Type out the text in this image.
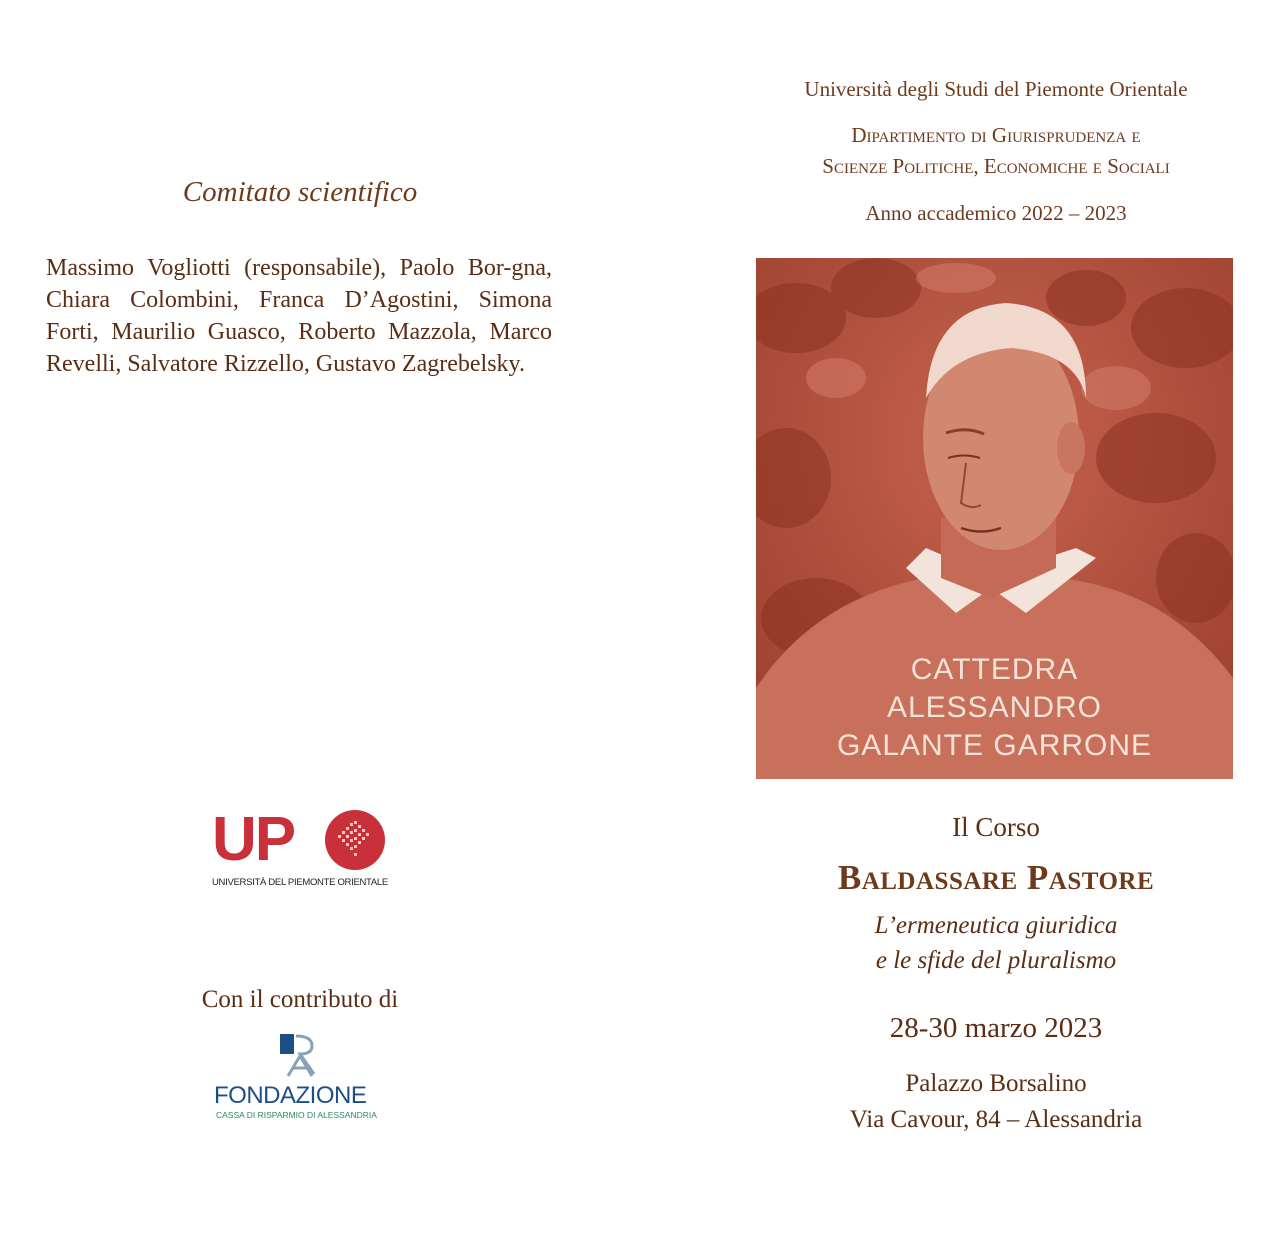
Comitato scientifico
Massimo Vogliotti (responsabile), Paolo Bor-gna, Chiara Colombini, Franca D’Agostini, Simona Forti, Maurilio Guasco, Roberto Mazzola, Marco Revelli, Salvatore Rizzello, Gustavo Zagrebelsky.
UP
UNIVERSITÀ DEL PIEMONTE ORIENTALE
Con il contributo di
FONDAZIONE
CASSA DI RISPARMIO DI ALESSANDRIA
Università degli Studi del Piemonte Orientale
Dipartimento di Giurisprudenza e
Scienze Politiche, Economiche e Sociali
Anno accademico 2022 – 2023
CATTEDRA
ALESSANDRO
GALANTE GARRONE
Il Corso
Baldassare Pastore
L’ermeneutica giuridica
e le sfide del pluralismo
28-30 marzo 2023
Palazzo Borsalino
Via Cavour, 84 – Alessandria
